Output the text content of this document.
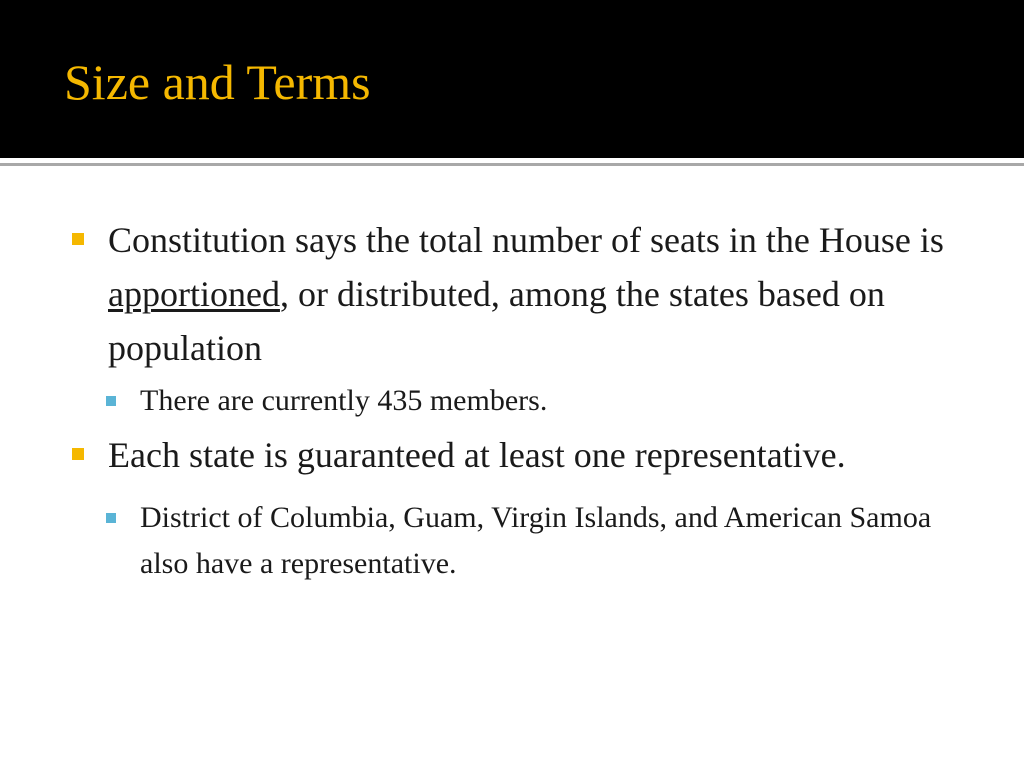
Size and Terms
Constitution says the total number of seats in the House is apportioned, or distributed, among the states based on population
There are currently 435 members.
Each state is guaranteed at least one representative.
District of Columbia, Guam, Virgin Islands, and American Samoa also have a representative.
